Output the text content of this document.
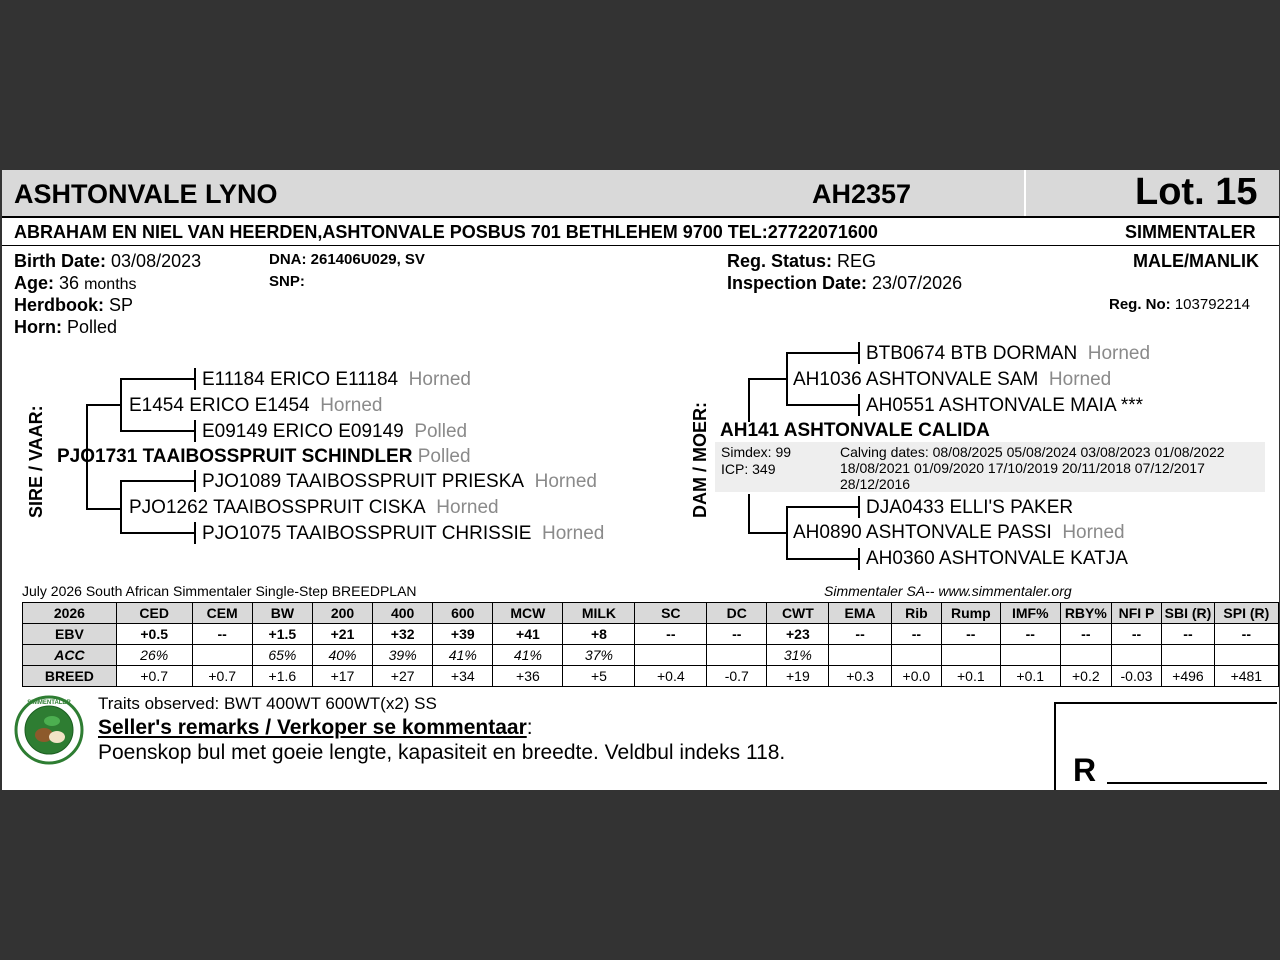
ASHTONVALE LYNO	AH2357	Lot. 15
ABRAHAM EN NIEL VAN HEERDEN,ASHTONVALE POSBUS 701 BETHLEHEM 9700 TEL:27722071600	SIMMENTALER
Birth Date: 03/08/2023
Age: 36 months
Herdbook: SP
Horn: Polled
DNA: 261406U029, SV
SNP:
Reg. Status: REG
Inspection Date: 23/07/2026
MALE/MANLIK
Reg. No: 103792214
SIRE / VAAR:
E11184 ERICO E11184 Horned
E1454 ERICO E1454 Horned
E09149 ERICO E09149 Polled
PJO1731 TAAIBOSSPRUIT SCHINDLER Polled
PJO1089 TAAIBOSSPRUIT PRIESKA Horned
PJO1262 TAAIBOSSPRUIT CISKA Horned
PJO1075 TAAIBOSSPRUIT CHRISSIE Horned
DAM / MOER:
BTB0674 BTB DORMAN Horned
AH1036 ASHTONVALE SAM Horned
AH0551 ASHTONVALE MAIA ***
AH141 ASHTONVALE CALIDA
Simdex: 99
ICP: 349
Calving dates: 08/08/2025 05/08/2024 03/08/2023 01/08/2022
18/08/2021 01/09/2020 17/10/2019 20/11/2018 07/12/2017
28/12/2016
DJA0433 ELLI'S PAKER
AH0890 ASHTONVALE PASSI Horned
AH0360 ASHTONVALE KATJA
July 2026 South African Simmentaler Single-Step BREEDPLAN	Simmentaler SA-- www.simmentaler.org
2026	CED	CEM	BW	200	400	600	MCW	MILK	SC	DC	CWT	EMA	Rib	Rump	IMF%	RBY%	NFI P	SBI (R)	SPI (R)
EBV	+0.5	--	+1.5	+21	+32	+39	+41	+8	--	--	+23	--	--	--	--	--	--	--	--
ACC	26%		65%	40%	39%	41%	41%	37%			31%								
BREED	+0.7	+0.7	+1.6	+17	+27	+34	+36	+5	+0.4	-0.7	+19	+0.3	+0.0	+0.1	+0.1	+0.2	-0.03	+496	+481
SIMMENTALER Traits observed: BWT 400WT 600WT(x2) SS
Seller's remarks / Verkoper se kommentaar:
Poenskop bul met goeie lengte, kapasiteit en breedte. Veldbul indeks 118.	R
